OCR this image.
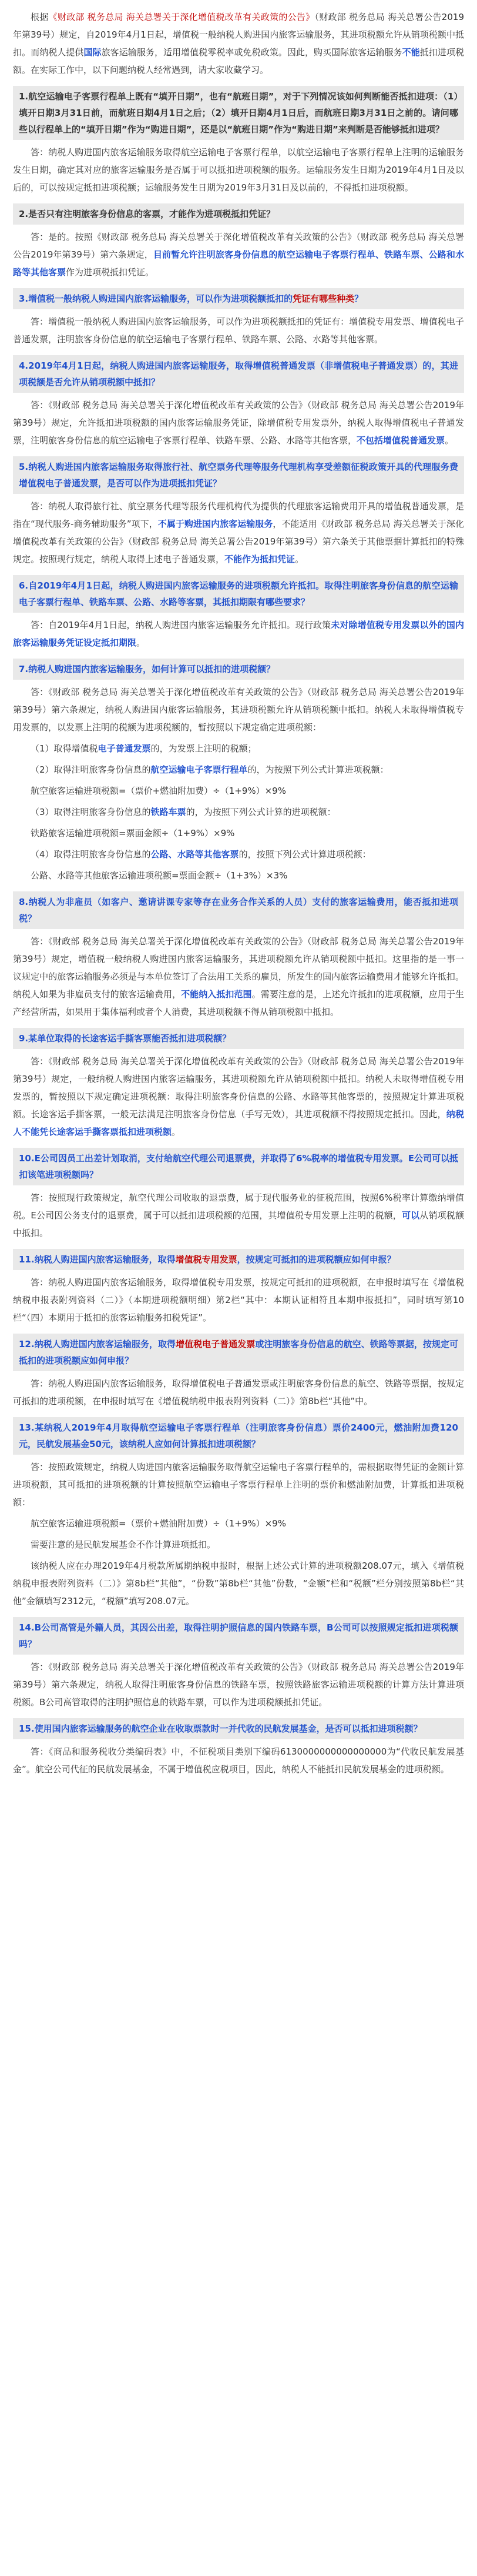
根据《财政部 税务总局 海关总署关于深化增值税改革有关政策的公告》（财政部 税务总局 海关总署公告2019年第39号）规定，自2019年4月1日起，增值税一般纳税人购进国内旅客运输服务，其进项税额允许从销项税额中抵扣。而纳税人提供国际旅客运输服务，适用增值税零税率或免税政策。因此，购买国际旅客运输服务不能抵扣进项税额。在实际工作中，以下问题纳税人经常遇到，请大家收藏学习。

1.航空运输电子客票行程单上既有“填开日期”，也有“航班日期”，对于下列情况该如何判断能否抵扣进项：（1）填开日期3月31日前，而航班日期4月1日之后；（2）填开日期4月1日后，而航班日期3月31日之前的。请问哪些以行程单上的“填开日期”作为“购进日期”，还是以“航班日期”作为“购进日期”来判断是否能够抵扣进项？

答：纳税人购进国内旅客运输服务取得航空运输电子客票行程单，以航空运输电子客票行程单上注明的运输服务发生日期，确定其对应的旅客运输服务是否属于可以抵扣进项税额的服务。运输服务发生日期为2019年4月1日及以后的，可以按规定抵扣进项税额；运输服务发生日期为2019年3月31日及以前的，不得抵扣进项税额。

2.是否只有注明旅客身份信息的客票，才能作为进项税抵扣凭证？

答：是的。按照《财政部 税务总局 海关总署关于深化增值税改革有关政策的公告》（财政部 税务总局 海关总署公告2019年第39号）第六条规定，目前暂允许注明旅客身份信息的航空运输电子客票行程单、铁路车票、公路和水路等其他客票作为进项税抵扣凭证。

3.增值税一般纳税人购进国内旅客运输服务，可以作为进项税额抵扣的凭证有哪些种类？

答：增值税一般纳税人购进国内旅客运输服务，可以作为进项税额抵扣的凭证有：增值税专用发票、增值税电子普通发票，注明旅客身份信息的航空运输电子客票行程单、铁路车票、公路、水路等其他客票。

4.2019年4月1日起，纳税人购进国内旅客运输服务，取得增值税普通发票（非增值税电子普通发票）的，其进项税额是否允许从销项税额中抵扣？

答：《财政部 税务总局 海关总署关于深化增值税改革有关政策的公告》（财政部 税务总局 海关总署公告2019年第39号）规定，允许抵扣进项税额的国内旅客运输服务凭证，除增值税专用发票外，纳税人取得增值税电子普通发票，注明旅客身份信息的航空运输电子客票行程单、铁路车票、公路、水路等其他客票，不包括增值税普通发票。

5.纳税人购进国内旅客运输服务取得旅行社、航空票务代理等服务代理机构享受差额征税政策开具的代理服务费增值税电子普通发票，是否可以作为进项抵扣凭证？

答：纳税人取得旅行社、航空票务代理等服务代理机构代为提供的代理旅客运输费用开具的增值税普通发票，是指在“现代服务-商务辅助服务”项下，不属于购进国内旅客运输服务，不能适用《财政部 税务总局 海关总署关于深化增值税改革有关政策的公告》（财政部 税务总局 海关总署公告2019年第39号）第六条关于其他票据计算抵扣的特殊规定。按照现行规定，纳税人取得上述电子普通发票，不能作为抵扣凭证。

6.自2019年4月1日起，纳税人购进国内旅客运输服务的进项税额允许抵扣。取得注明旅客身份信息的航空运输电子客票行程单、铁路车票、公路、水路等客票，其抵扣期限有哪些要求？

答：自2019年4月1日起，纳税人购进国内旅客运输服务允许抵扣。现行政策未对除增值税专用发票以外的国内旅客运输服务凭证设定抵扣期限。

7.纳税人购进国内旅客运输服务，如何计算可以抵扣的进项税额？

答：《财政部 税务总局 海关总署关于深化增值税改革有关政策的公告》（财政部 税务总局 海关总署公告2019年第39号）第六条规定，纳税人购进国内旅客运输服务，其进项税额允许从销项税额中抵扣。纳税人未取得增值税专用发票的，以发票上注明的税额为进项税额的，暂按照以下规定确定进项税额：

（1）取得增值税电子普通发票的，为发票上注明的税额；

（2）取得注明旅客身份信息的航空运输电子客票行程单的，为按照下列公式计算进项税额：

航空旅客运输进项税额=（票价+燃油附加费）÷（1+9%）×9%

（3）取得注明旅客身份信息的铁路车票的，为按照下列公式计算的进项税额：

铁路旅客运输进项税额=票面金额÷（1+9%）×9%

（4）取得注明旅客身份信息的公路、水路等其他客票的，按照下列公式计算进项税额：

公路、水路等其他旅客运输进项税额=票面金额÷（1+3%）×3%

8.纳税人为非雇员（如客户、邀请讲课专家等存在业务合作关系的人员）支付的旅客运输费用，能否抵扣进项税？

答：《财政部 税务总局 海关总署关于深化增值税改革有关政策的公告》（财政部 税务总局 海关总署公告2019年第39号）规定，增值税一般纳税人购进国内旅客运输服务，其进项税额允许从销项税额中抵扣。这里指的是一事一议规定中的旅客运输服务必须是与本单位签订了合法用工关系的雇员，所发生的国内旅客运输费用才能够允许抵扣。纳税人如果为非雇员支付的旅客运输费用，不能纳入抵扣范围。需要注意的是，上述允许抵扣的进项税额，应用于生产经营所需，如果用于集体福利或者个人消费，其进项税额不得从销项税额中抵扣。

9.某单位取得的长途客运手撕客票能否抵扣进项税额？

答：《财政部 税务总局 海关总署关于深化增值税改革有关政策的公告》（财政部 税务总局 海关总署公告2019年第39号）规定，一般纳税人购进国内旅客运输服务，其进项税额允许从销项税额中抵扣。纳税人未取得增值税专用发票的，暂按照以下规定确定进项税额：取得注明旅客身份信息的公路、水路等其他客票的，按照规定计算进项税额。长途客运手撕客票，一般无法满足注明旅客身份信息（手写无效），其进项税额不得按照规定抵扣。因此，纳税人不能凭长途客运手撕客票抵扣进项税额。

10.E公司因员工出差计划取消，支付给航空代理公司退票费，并取得了6%税率的增值税专用发票。E公司可以抵扣该笔进项税额吗？

答：按照现行政策规定，航空代理公司收取的退票费，属于现代服务业的征税范围，按照6%税率计算缴纳增值税。E公司因公务支付的退票费，属于可以抵扣进项税额的范围，其增值税专用发票上注明的税额，可以从销项税额中抵扣。

11.纳税人购进国内旅客运输服务，取得增值税专用发票，按规定可抵扣的进项税额应如何申报？

答：纳税人购进国内旅客运输服务，取得增值税专用发票，按规定可抵扣的进项税额，在申报时填写在《增值税纳税申报表附列资料（二）》（本期进项税额明细）第2栏“其中：本期认证相符且本期申报抵扣”，同时填写第10栏“（四）本期用于抵扣的旅客运输服务扣税凭证”。

12.纳税人购进国内旅客运输服务，取得增值税电子普通发票或注明旅客身份信息的航空、铁路等票据，按规定可抵扣的进项税额应如何申报？

答：纳税人购进国内旅客运输服务，取得增值税电子普通发票或注明旅客身份信息的航空、铁路等票据，按规定可抵扣的进项税额，在申报时填写在《增值税纳税申报表附列资料（二）》第8b栏“其他”中。

13.某纳税人2019年4月取得航空运输电子客票行程单（注明旅客身份信息）票价2400元，燃油附加费120元，民航发展基金50元，该纳税人应如何计算抵扣进项税额？

答：按照政策规定，纳税人购进国内旅客运输服务取得航空运输电子客票行程单的，需根据取得凭证的金额计算进项税额，其可抵扣的进项税额的计算按照航空运输电子客票行程单上注明的票价和燃油附加费，计算抵扣进项税额：

航空旅客运输进项税额=（票价+燃油附加费）÷（1+9%）×9%

需要注意的是民航发展基金不作计算进项抵扣。

该纳税人应在办理2019年4月税款所属期纳税申报时，根据上述公式计算的进项税额208.07元，填入《增值税纳税申报表附列资料（二）》第8b栏“其他”，“份数”第8b栏“其他”份数，“金额”栏和“税额”栏分别按照第8b栏“其他”金额填写2312元，“税额”填写208.07元。

14.B公司高管是外籍人员，其因公出差，取得注明护照信息的国内铁路车票，B公司可以按照规定抵扣进项税额吗？

答：《财政部 税务总局 海关总署关于深化增值税改革有关政策的公告》（财政部 税务总局 海关总署公告2019年第39号）第六条规定，纳税人取得注明旅客身份信息的铁路车票，按照铁路旅客运输进项税额的计算方法计算进项税额。B公司高管取得的注明护照信息的铁路车票，可以作为进项税额抵扣凭证。

15.使用国内旅客运输服务的航空企业在收取票款时一并代收的民航发展基金，是否可以抵扣进项税额？

答：《商品和服务税收分类编码表》中，不征税项目类别下编码6130000000000000000为“代收民航发展基金”。航空公司代征的民航发展基金，不属于增值税应税项目，因此，纳税人不能抵扣民航发展基金的进项税额。
